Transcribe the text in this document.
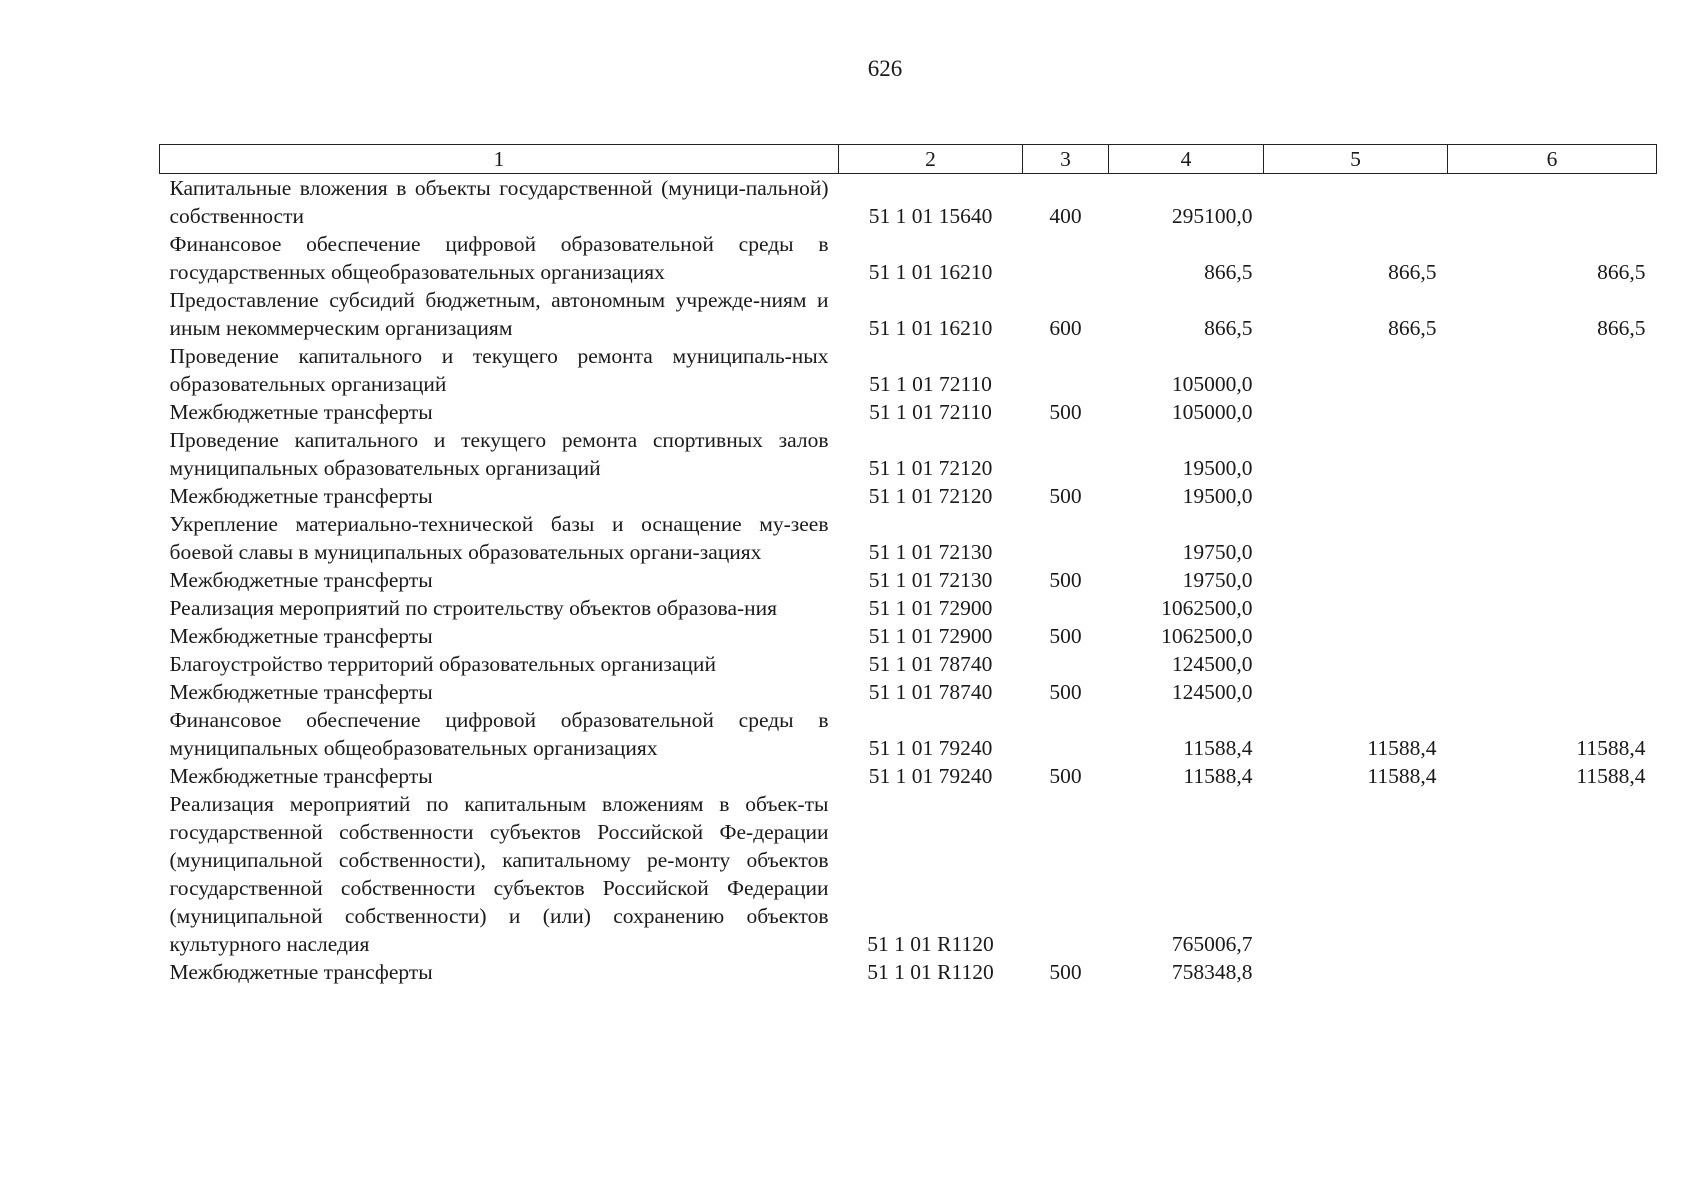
626
1	2	3	4	5	6
Капитальные вложения в объекты государственной (муници-пальной) собственности	51 1 01 15640	400	295100,0		
Финансовое обеспечение цифровой образовательной среды в государственных общеобразовательных организациях	51 1 01 16210		866,5	866,5	866,5
Предоставление субсидий бюджетным, автономным учрежде-ниям и иным некоммерческим организациям	51 1 01 16210	600	866,5	866,5	866,5
Проведение капитального и текущего ремонта муниципаль-ных образовательных организаций	51 1 01 72110		105000,0		
Межбюджетные трансферты	51 1 01 72110	500	105000,0		
Проведение капитального и текущего ремонта спортивных залов муниципальных образовательных организаций	51 1 01 72120		19500,0		
Межбюджетные трансферты	51 1 01 72120	500	19500,0		
Укрепление материально-технической базы и оснащение му-зеев боевой славы в муниципальных образовательных органи-зациях	51 1 01 72130		19750,0		
Межбюджетные трансферты	51 1 01 72130	500	19750,0		
Реализация мероприятий по строительству объектов образова-ния	51 1 01 72900		1062500,0		
Межбюджетные трансферты	51 1 01 72900	500	1062500,0		
Благоустройство территорий образовательных организаций	51 1 01 78740		124500,0		
Межбюджетные трансферты	51 1 01 78740	500	124500,0		
Финансовое обеспечение цифровой образовательной среды в муниципальных общеобразовательных организациях	51 1 01 79240		11588,4	11588,4	11588,4
Межбюджетные трансферты	51 1 01 79240	500	11588,4	11588,4	11588,4
Реализация мероприятий по капитальным вложениям в объек-ты государственной собственности субъектов Российской Фе-дерации (муниципальной собственности), капитальному ре-монту объектов государственной собственности субъектов Российской Федерации (муниципальной собственности) и (или) сохранению объектов культурного наследия	51 1 01 R1120		765006,7		
Межбюджетные трансферты	51 1 01 R1120	500	758348,8		
